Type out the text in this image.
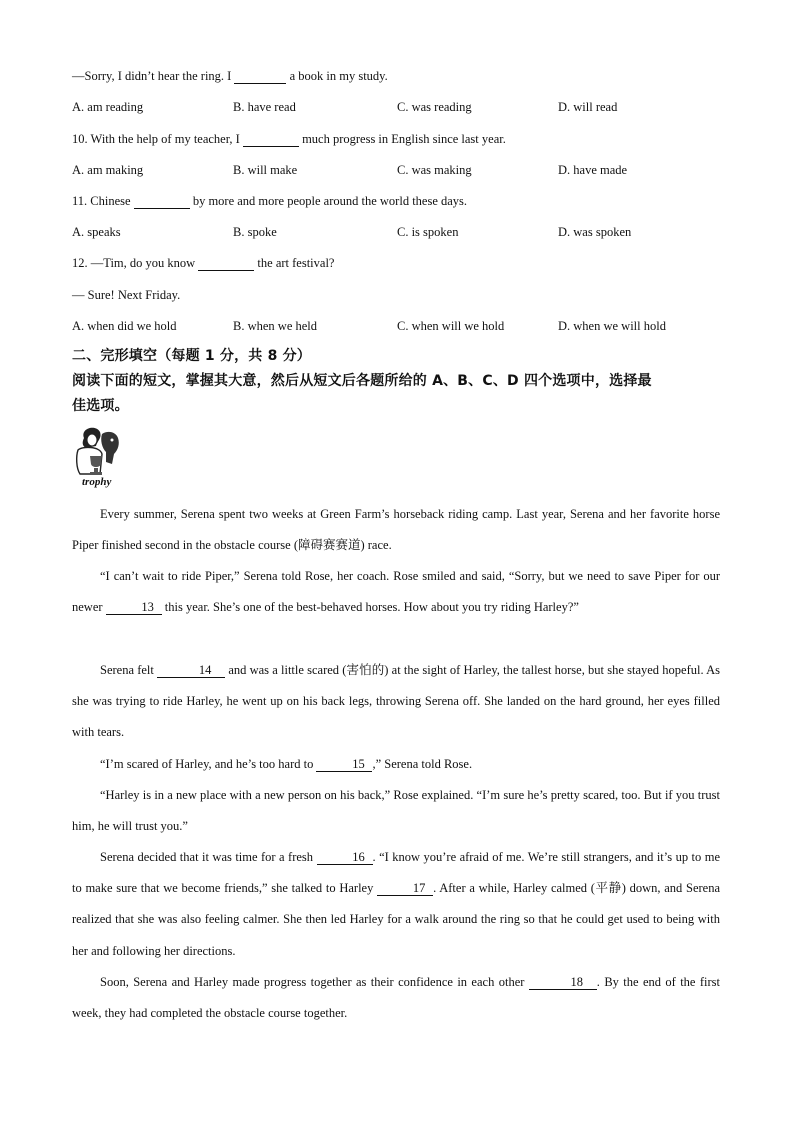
—Sorry, I didn’t hear the ring. I	a book in my study.
A. am reading	B. have read	C. was reading	D. will read
10. With the help of my teacher, I	much progress in English since last year.
A. am making	B. will make	C. was making	D. have made
11. Chinese	by more and more people around the world these days.
A. speaks	B. spoke	C. is spoken	D. was spoken
12. —Tim, do you know	the art festival?
— Sure! Next Friday.
A. when did we hold	B. when we held	C. when will we hold	D. when we will hold
二、完形填空（每题 1 分，共 8 分）
阅读下面的短文，掌握其大意，然后从短文后各题所给的 A、B、C、D 四个选项中，选择最
佳选项。
trophy
Every summer, Serena spent two weeks at Green Farm’s horseback riding camp. Last year, Serena and her favorite horse Piper finished second in the obstacle course (障碍赛赛道) race.
“I can’t wait to ride Piper,” Serena told Rose, her coach. Rose smiled and said, “Sorry, but we need to save Piper for our newer	13 this year. She’s one of the best-behaved horses. How about you try riding Harley?”
Serena felt	14 and was a little scared (害怕的) at the sight of Harley, the tallest horse, but she stayed hopeful. As she was trying to ride Harley, he went up on his back legs, throwing Serena off. She landed on the hard ground, her eyes filled with tears.
“I’m scared of Harley, and he’s too hard to	15 ,” Serena told Rose.
“Harley is in a new place with a new person on his back,” Rose explained. “I’m sure he’s pretty scared, too. But if you trust him, he will trust you.”
Serena decided that it was time for a fresh	16 . “I know you’re afraid of me. We’re still strangers, and it’s up to me to make sure that we become friends,” she talked to Harley	17 . After a while, Harley calmed (平静) down, and Serena realized that she was also feeling calmer. She then led Harley for a walk around the ring so that he could get used to being with her and following her directions.
Soon, Serena and Harley made progress together as their confidence in each other	18 . By the end of the first week, they had completed the obstacle course together.
